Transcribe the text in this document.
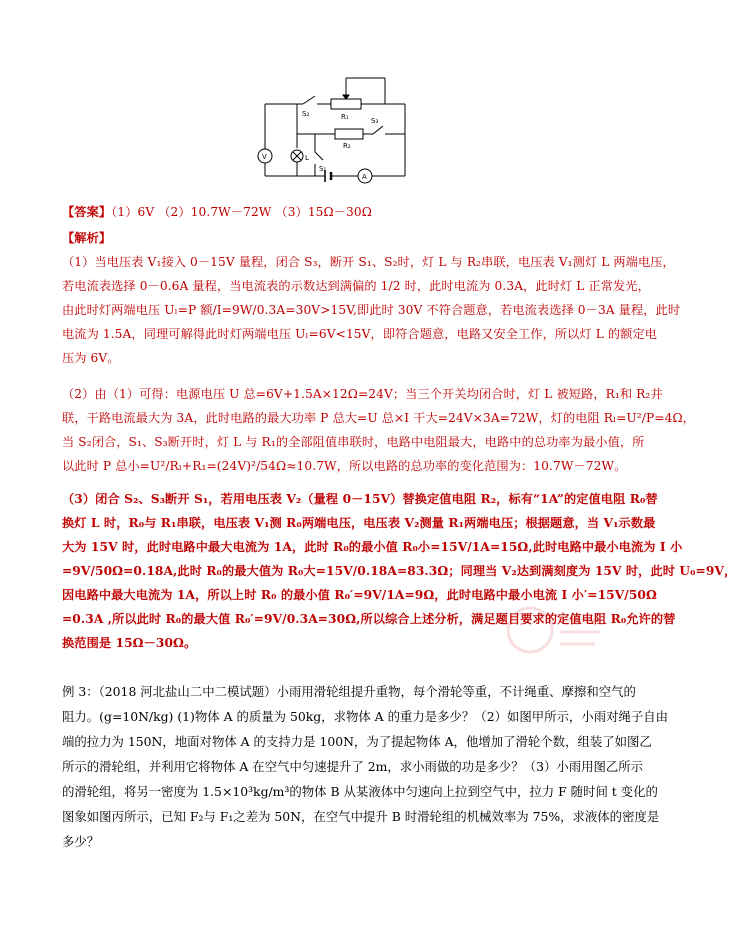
S₂	R₁	S₃
R₂
L
S₁
V
A
【答案】（1）6V （2）10.7W－72W （3）15Ω－30Ω
【解析】
（1）当电压表 V₁接入 0－15V 量程，闭合 S₃，断开 S₁、S₂时，灯 L 与 R₂串联，电压表 V₁测灯 L 两端电压，
若电流表选择 0－0.6A 量程，当电流表的示数达到满偏的 1/2 时，此时电流为 0.3A，此时灯 L 正常发光，
由此时灯两端电压 Uₗ=P 额/I=9W/0.3A=30V>15V,即此时 30V 不符合题意，若电流表选择 0－3A 量程，此时
电流为 1.5A，同理可解得此时灯两端电压 Uₗ=6V<15V，即符合题意，电路又安全工作，所以灯 L 的额定电
压为 6V。
（2）由（1）可得：电源电压 U 总=6V+1.5A×12Ω=24V；当三个开关均闭合时，灯 L 被短路，R₁和 R₂并
联，干路电流最大为 3A，此时电路的最大功率 P 总大=U 总×I 干大=24V×3A=72W，灯的电阻 Rₗ=U²/P=4Ω，
当 S₂闭合，S₁、S₃断开时，灯 L 与 R₁的全部阻值串联时，电路中电阻最大，电路中的总功率为最小值，所
以此时 P 总小=U²/Rₗ+R₁=(24V)²/54Ω≈10.7W，所以电路的总功率的变化范围为：10.7W－72W。

（3）闭合 S₂、S₃断开 S₁，若用电压表 V₂（量程 0－15V）替换定值电阻 R₂，标有“1A”的定值电阻 R₀替
换灯 L 时，R₀与 R₁串联，电压表 V₁测 R₀两端电压，电压表 V₂测量 R₁两端电压；根据题意，当 V₁示数最
大为 15V 时，此时电路中最大电流为 1A，此时 R₀的最小值 R₀小=15V/1A=15Ω,此时电路中最小电流为 I 小
=9V/50Ω=0.18A,此时 R₀的最大值为 R₀大=15V/0.18A=83.3Ω；同理当 V₂达到满刻度为 15V 时，此时 U₀=9V，
因电路中最大电流为 1A，所以上时 R₀ 的最小值 R₀′=9V/1A=9Ω，此时电路中最小电流 I 小′=15V/50Ω
=0.3A ,所以此时 R₀的最大值 R₀′=9V/0.3A=30Ω,所以综合上述分析，满足题目要求的定值电阻 R₀允许的替
换范围是 15Ω－30Ω。

例 3：（2018 河北盐山二中二模试题）小雨用滑轮组提升重物，每个滑轮等重，不计绳重、摩擦和空气的
阻力。(g=10N/kg) (1)物体 A 的质量为 50kg，求物体 A 的重力是多少？（2）如图甲所示，小雨对绳子自由
端的拉力为 150N，地面对物体 A 的支持力是 100N，为了提起物体 A，他增加了滑轮个数，组装了如图乙
所示的滑轮组，并利用它将物体 A 在空气中匀速提升了 2m，求小雨做的功是多少？（3）小雨用图乙所示
的滑轮组，将另一密度为 1.5×10³kg/m³的物体 B 从某液体中匀速向上拉到空气中，拉力 F 随时间 t 变化的
图象如图丙所示，已知 F₂与 F₁之差为 50N，在空气中提升 B 时滑轮组的机械效率为 75%，求液体的密度是
多少？
